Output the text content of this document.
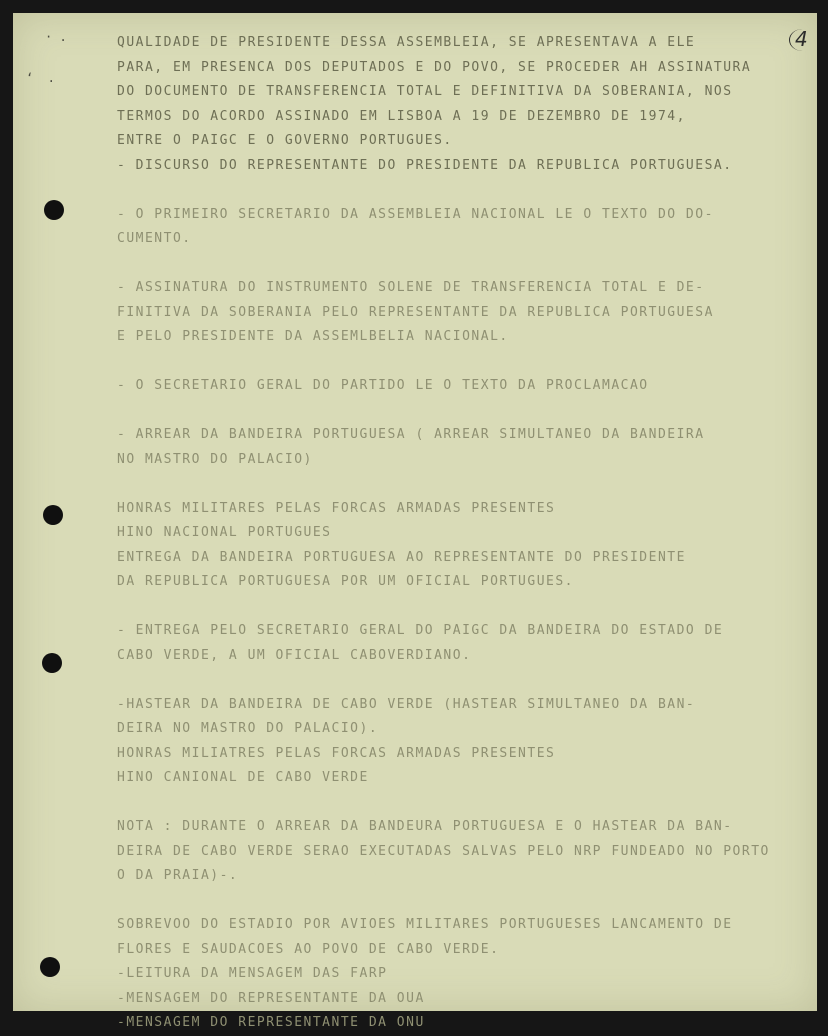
· .
‘  .
4
QUALIDADE DE PRESIDENTE DESSA ASSEMBLEIA, SE APRESENTAVA A ELE
PARA, EM PRESENCA DOS DEPUTADOS E DO POVO, SE PROCEDER AH ASSINATURA
DO DOCUMENTO DE TRANSFERENCIA TOTAL E DEFINITIVA DA SOBERANIA, NOS
TERMOS DO ACORDO ASSINADO EM LISBOA A 19 DE DEZEMBRO DE 1974,
ENTRE O PAIGC E O GOVERNO PORTUGUES.
- DISCURSO DO REPRESENTANTE DO PRESIDENTE DA REPUBLICA PORTUGUESA.
- O PRIMEIRO SECRETARIO DA ASSEMBLEIA NACIONAL LE O TEXTO DO DO-
CUMENTO.
- ASSINATURA DO INSTRUMENTO SOLENE DE TRANSFERENCIA TOTAL E DE-
FINITIVA DA SOBERANIA PELO REPRESENTANTE DA REPUBLICA PORTUGUESA
E PELO PRESIDENTE DA ASSEMLBELIA NACIONAL.
- O SECRETARIO GERAL DO PARTIDO LE O TEXTO DA PROCLAMACAO
- ARREAR DA BANDEIRA PORTUGUESA ( ARREAR SIMULTANEO DA BANDEIRA
NO MASTRO DO PALACIO)
HONRAS MILITARES PELAS FORCAS ARMADAS PRESENTES
HINO NACIONAL PORTUGUES
ENTREGA DA BANDEIRA PORTUGUESA AO REPRESENTANTE DO PRESIDENTE
DA REPUBLICA PORTUGUESA POR UM OFICIAL PORTUGUES.
- ENTREGA PELO SECRETARIO GERAL DO PAIGC DA BANDEIRA DO ESTADO DE
CABO VERDE, A UM OFICIAL CABOVERDIANO.
-HASTEAR DA BANDEIRA DE CABO VERDE (HASTEAR SIMULTANEO DA BAN-
DEIRA NO MASTRO DO PALACIO).
HONRAS MILIATRES PELAS FORCAS ARMADAS PRESENTES
HINO CANIONAL DE CABO VERDE
NOTA : DURANTE O ARREAR DA BANDEURA PORTUGUESA E O HASTEAR DA BAN-
DEIRA DE CABO VERDE SERAO EXECUTADAS SALVAS PELO NRP FUNDEADO NO PORTO
O DA PRAIA)-.
SOBREVOO DO ESTADIO POR AVIOES MILITARES PORTUGUESES LANCAMENTO DE
FLORES E SAUDACOES AO POVO DE CABO VERDE.
-LEITURA DA MENSAGEM DAS FARP
-MENSAGEM DO REPRESENTANTE DA OUA
-MENSAGEM DO REPRESENTANTE DA ONU
